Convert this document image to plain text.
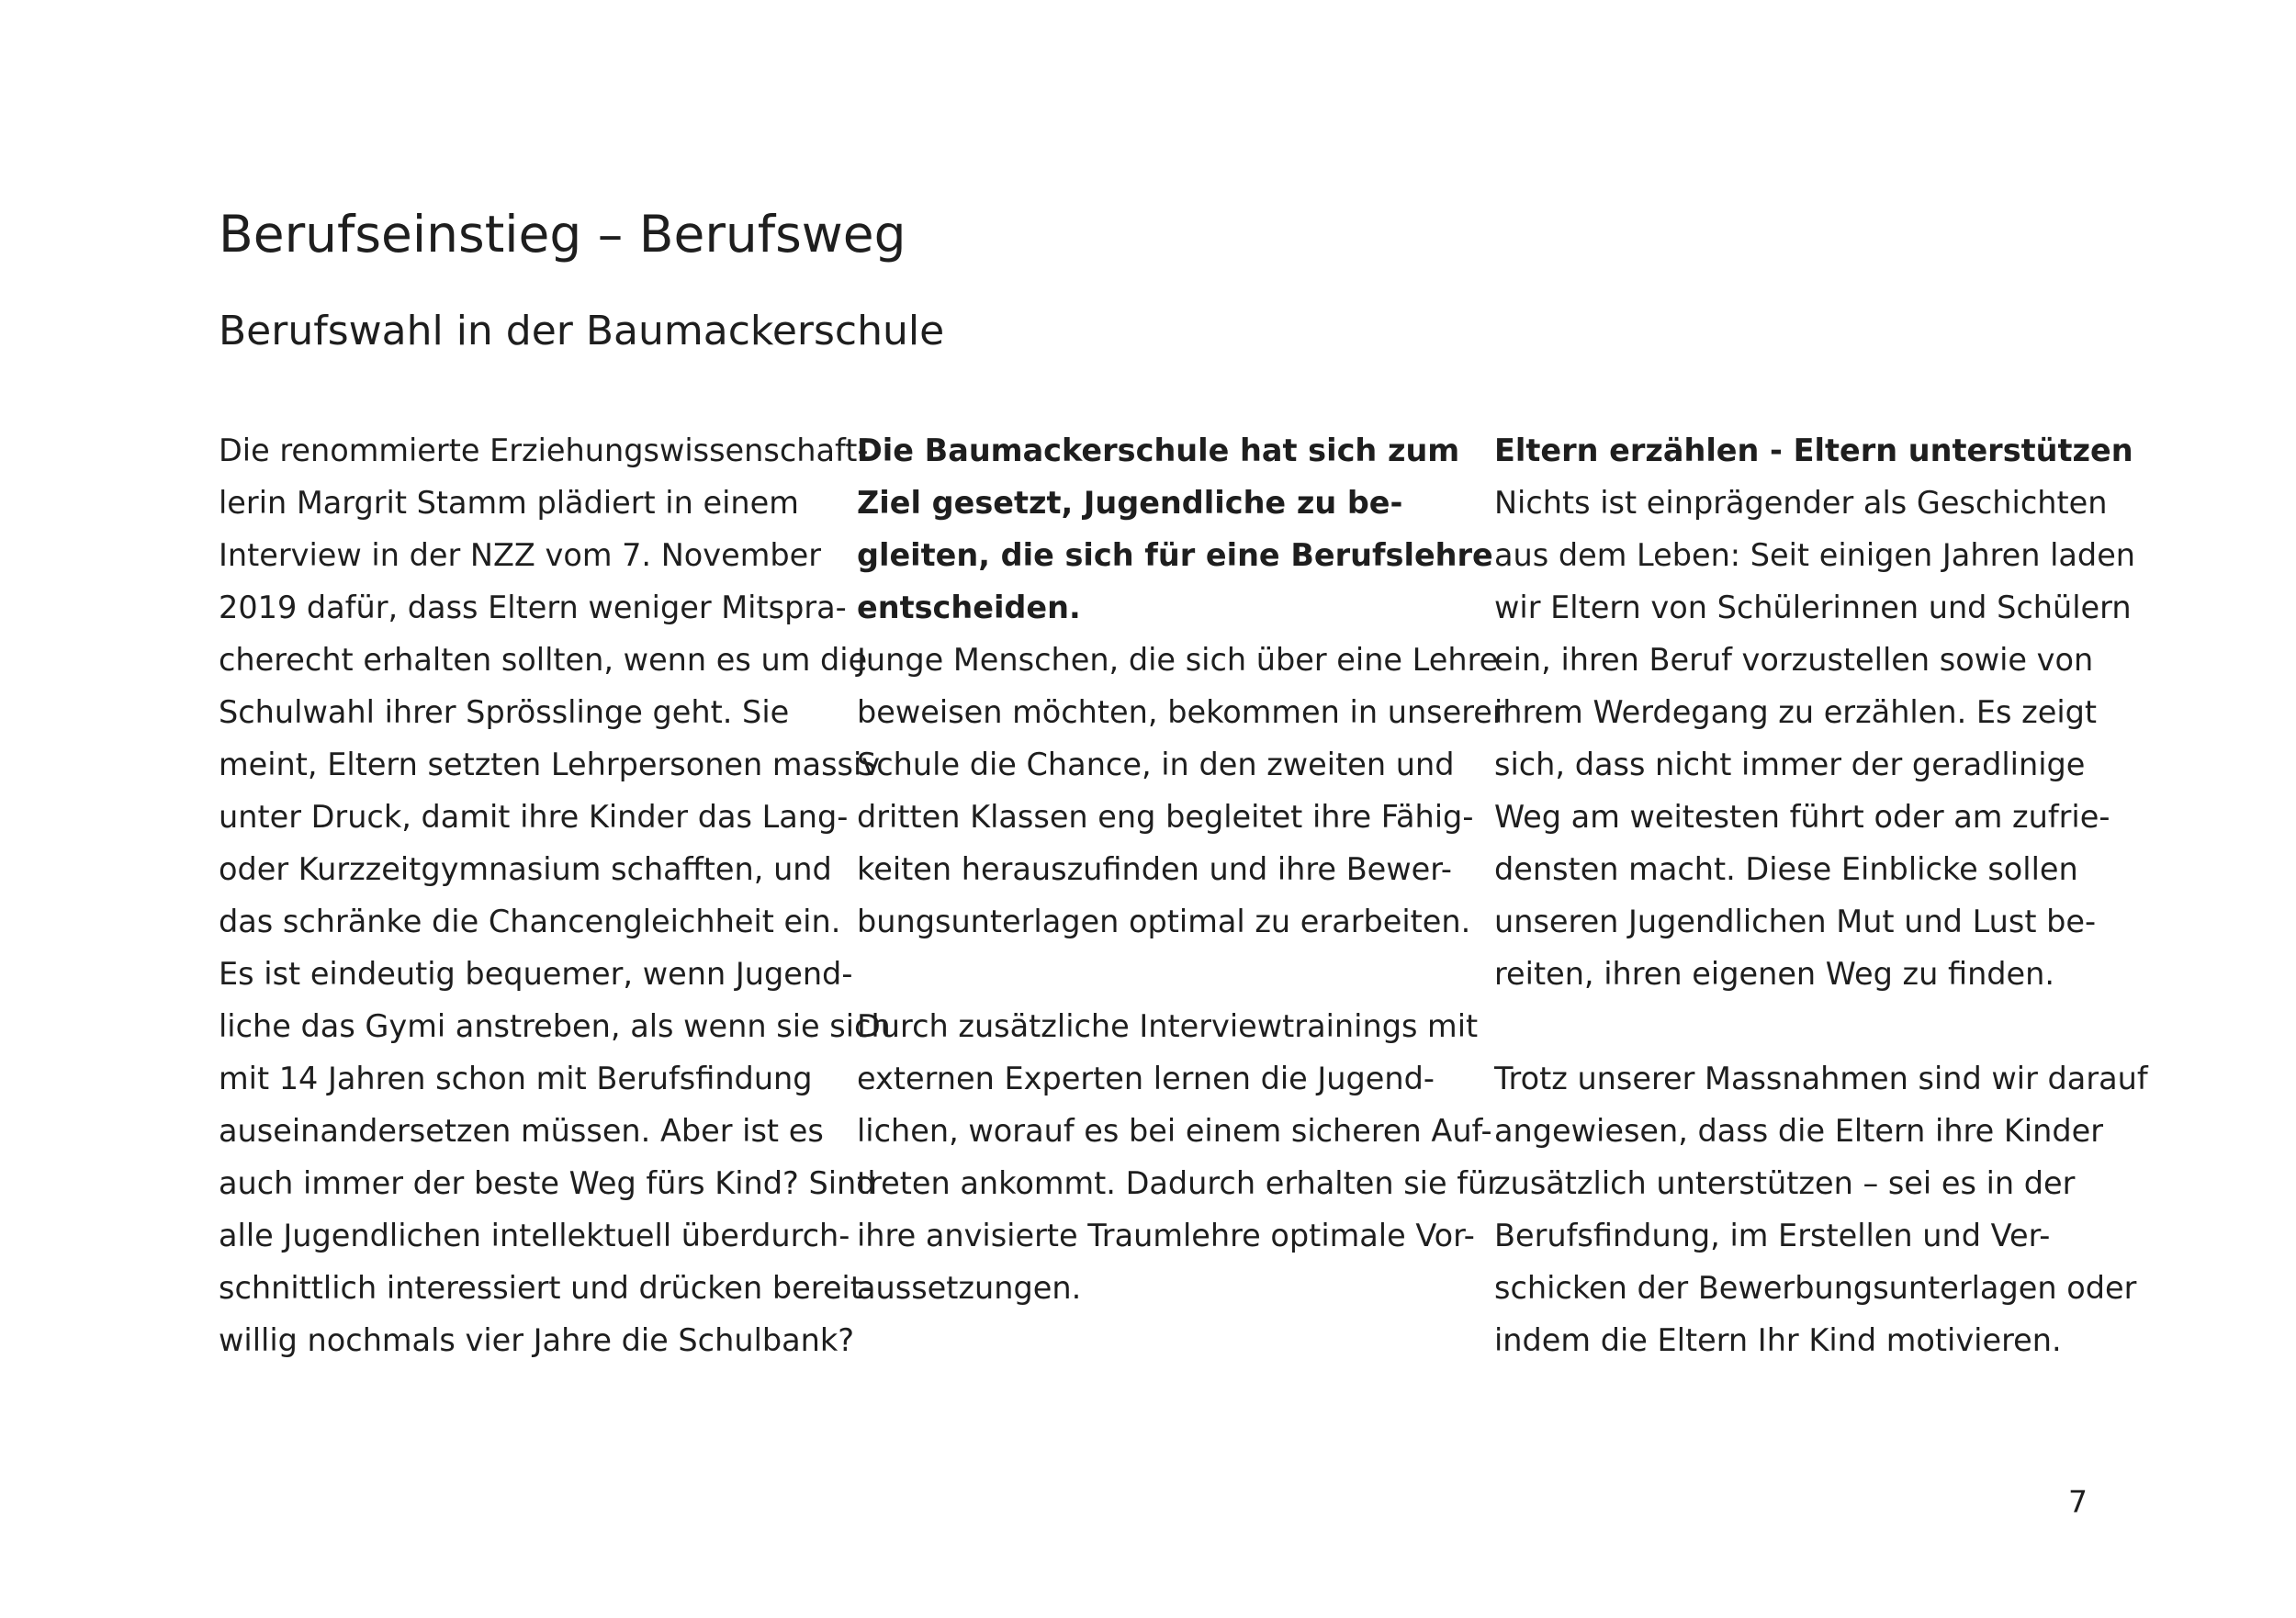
Berufseinstieg – Berufsweg
Berufswahl in der Baumackerschule
Die renommierte Erziehungswissenschaft-
lerin Margrit Stamm plädiert in einem
Interview in der NZZ vom 7. November
2019 dafür, dass Eltern weniger Mitspra-
cherecht erhalten sollten, wenn es um die
Schulwahl ihrer Sprösslinge geht. Sie
meint, Eltern setzten Lehrpersonen massiv
unter Druck, damit ihre Kinder das Lang-
oder Kurzzeitgymnasium schafften, und
das schränke die Chancengleichheit ein.
Es ist eindeutig bequemer, wenn Jugend-
liche das Gymi anstreben, als wenn sie sich
mit 14 Jahren schon mit Berufsfindung
auseinandersetzen müssen. Aber ist es
auch immer der beste Weg fürs Kind? Sind
alle Jugendlichen intellektuell überdurch-
schnittlich interessiert und drücken bereit-
willig nochmals vier Jahre die Schulbank?
Die Baumackerschule hat sich zum
Ziel gesetzt, Jugendliche zu be-
gleiten, die sich für eine Berufslehre
entscheiden.
Junge Menschen, die sich über eine Lehre
beweisen möchten, bekommen in unserer
Schule die Chance, in den zweiten und
dritten Klassen eng begleitet ihre Fähig-
keiten herauszufinden und ihre Bewer-
bungsunterlagen optimal zu erarbeiten.
Durch zusätzliche Interviewtrainings mit
externen Experten lernen die Jugend-
lichen, worauf es bei einem sicheren Auf-
treten ankommt. Dadurch erhalten sie für
ihre anvisierte Traumlehre optimale Vor-
aussetzungen.
Eltern erzählen - Eltern unterstützen
Nichts ist einprägender als Geschichten
aus dem Leben: Seit einigen Jahren laden
wir Eltern von Schülerinnen und Schülern
ein, ihren Beruf vorzustellen sowie von
ihrem Werdegang zu erzählen. Es zeigt
sich, dass nicht immer der geradlinige
Weg am weitesten führt oder am zufrie-
densten macht. Diese Einblicke sollen
unseren Jugendlichen Mut und Lust be-
reiten, ihren eigenen Weg zu finden.
Trotz unserer Massnahmen sind wir darauf
angewiesen, dass die Eltern ihre Kinder
zusätzlich unterstützen – sei es in der
Berufsfindung, im Erstellen und Ver-
schicken der Bewerbungsunterlagen oder
indem die Eltern Ihr Kind motivieren.
7
